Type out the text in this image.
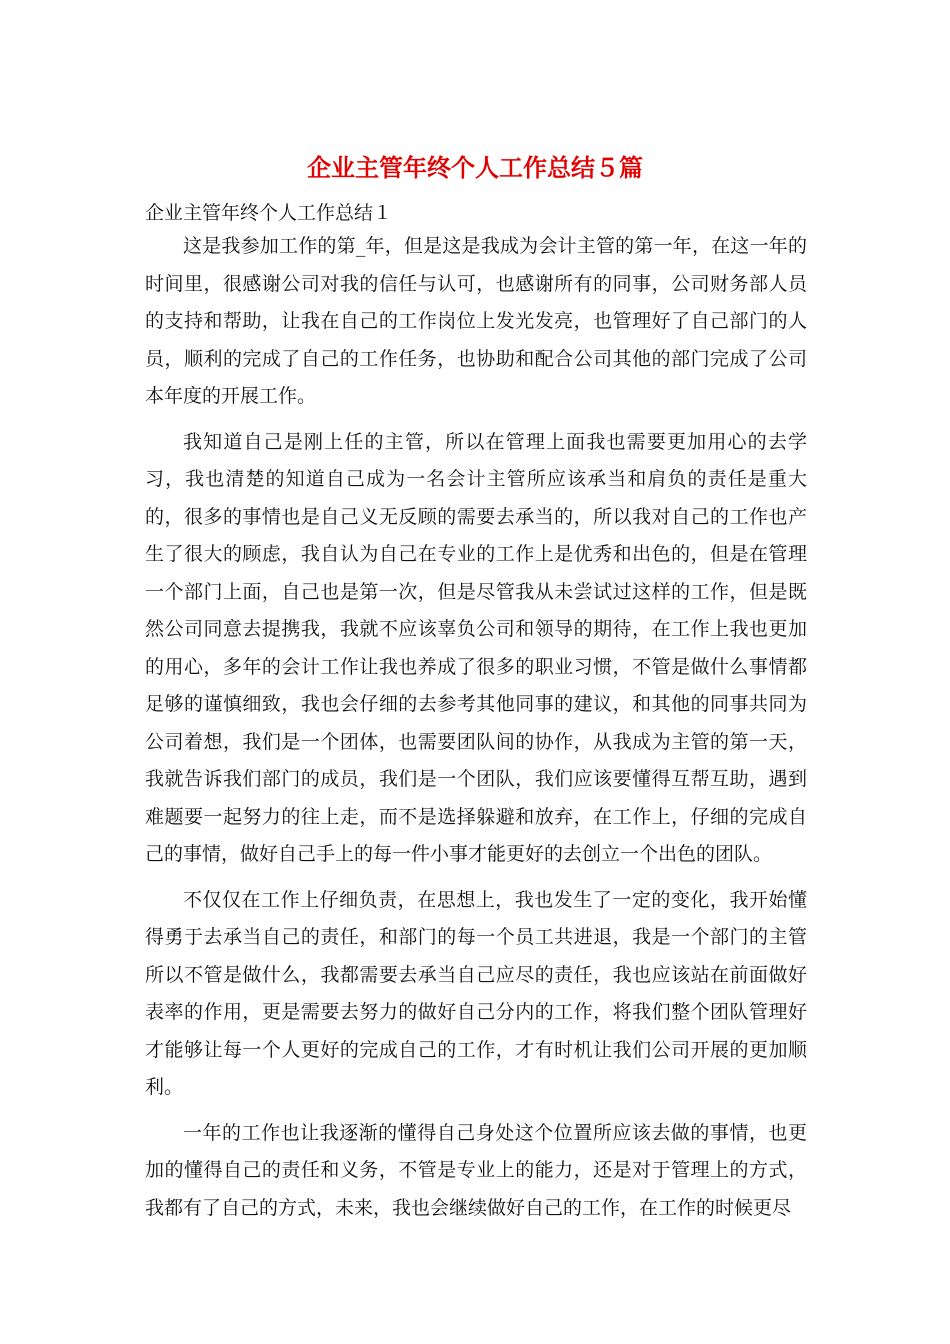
企业主管年终个人工作总结５篇
企业主管年终个人工作总结１

这是我参加工作的第_年，但是这是我成为会计主管的第一年，在这一年的时间里，很感谢公司对我的信任与认可，也感谢所有的同事，公司财务部人员的支持和帮助，让我在自己的工作岗位上发光发亮，也管理好了自己部门的人员，顺利的完成了自己的工作任务，也协助和配合公司其他的部门完成了公司本年度的开展工作。

我知道自己是刚上任的主管，所以在管理上面我也需要更加用心的去学习，我也清楚的知道自己成为一名会计主管所应该承当和肩负的责任是重大的，很多的事情也是自己义无反顾的需要去承当的，所以我对自己的工作也产生了很大的顾虑，我自认为自己在专业的工作上是优秀和出色的，但是在管理一个部门上面，自己也是第一次，但是尽管我从未尝试过这样的工作，但是既然公司同意去提携我，我就不应该辜负公司和领导的期待，在工作上我也更加的用心，多年的会计工作让我也养成了很多的职业习惯，不管是做什么事情都足够的谨慎细致，我也会仔细的去参考其他同事的建议，和其他的同事共同为公司着想，我们是一个团体，也需要团队间的协作，从我成为主管的第一天，我就告诉我们部门的成员，我们是一个团队，我们应该要懂得互帮互助，遇到难题要一起努力的往上走，而不是选择躲避和放弃，在工作上，仔细的完成自己的事情，做好自己手上的每一件小事才能更好的去创立一个出色的团队。

不仅仅在工作上仔细负责，在思想上，我也发生了一定的变化，我开始懂得勇于去承当自己的责任，和部门的每一个员工共进退，我是一个部门的主管所以不管是做什么，我都需要去承当自己应尽的责任，我也应该站在前面做好表率的作用，更是需要去努力的做好自己分内的工作，将我们整个团队管理好才能够让每一个人更好的完成自己的工作，才有时机让我们公司开展的更加顺利。

一年的工作也让我逐渐的懂得自己身处这个位置所应该去做的事情，也更加的懂得自己的责任和义务，不管是专业上的能力，还是对于管理上的方式，我都有了自己的方式，未来，我也会继续做好自己的工作，在工作的时候更尽
